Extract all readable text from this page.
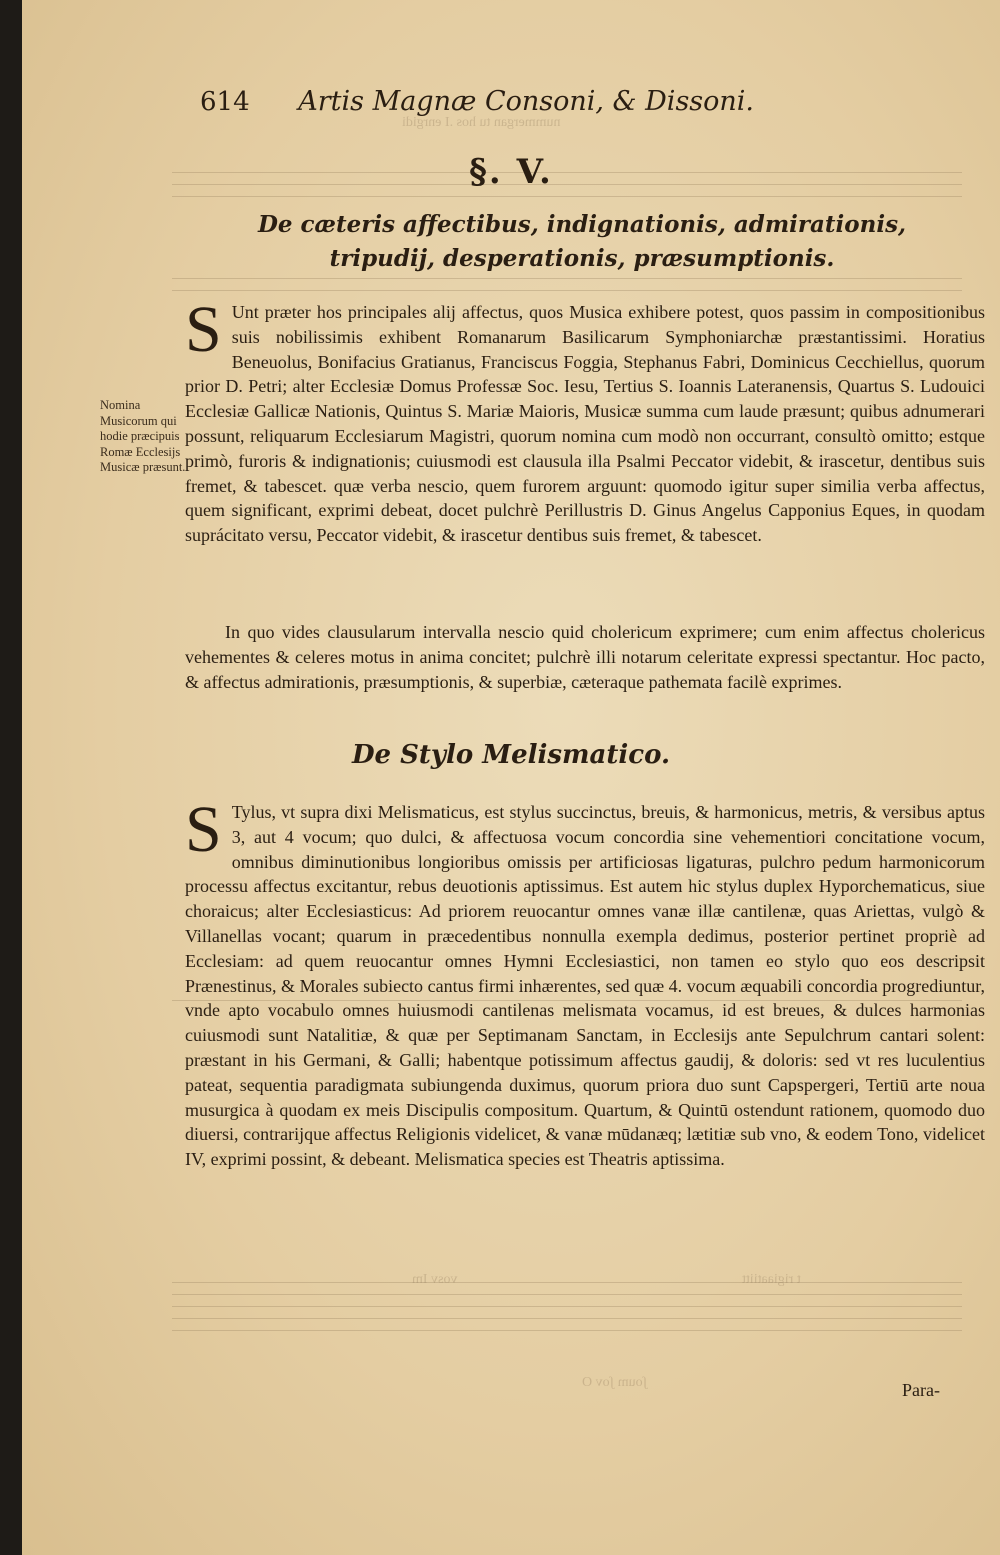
nummergan tu hos .I enrgidi
vosv Im	t rigiaatiitt
ʃoum ʃov O
614 Artis Magnæ Consoni, & Dissoni.
§. V.
De cæteris affectibus, indignationis, admirationis, tripudij, desperationis, præsumptionis.
S Unt præter hos principales alij affectus, quos Musica exhibere potest, quos passim in compositionibus suis nobilissimis exhibent Romanarum Basilicarum Symphoniarchæ præstantissimi. Horatius Beneuolus, Bonifacius Gratianus, Franciscus Foggia, Stephanus Fabri, Dominicus Cecchiellus, quorum prior D. Petri; alter Ecclesiæ Domus Professæ Soc. Iesu, Tertius S. Ioannis Lateranensis, Quartus S. Ludouici Ecclesiæ Gallicæ Nationis, Quintus S. Mariæ Maioris, Musicæ summa cum laude præsunt; quibus adnumerari possunt, reliquarum Ecclesiarum Magistri, quorum nomina cum modò non occurrant, consultò omitto; estque primò, furoris & indignationis; cuiusmodi est clausula illa Psalmi Peccator videbit, & irascetur, dentibus suis fremet, & tabescet. quæ verba nescio, quem furorem arguunt: quomodo igitur super similia verba affectus, quem significant, exprimi debeat, docet pulchrè Perillustris D. Ginus Angelus Capponius Eques, in quodam suprácitato versu, Peccator videbit, & irascetur dentibus suis fremet, & tabescet.
Nomina Musicorum qui hodie præcipuis Romæ Ecclesijs Musicæ præsunt.
In quo vides clausularum intervalla nescio quid cholericum exprimere; cum enim affectus cholericus vehementes & celeres motus in anima concitet; pulchrè illi notarum celeritate expressi spectantur. Hoc pacto, & affectus admirationis, præsumptionis, & superbiæ, cæteraque pathemata facilè exprimes.
De Stylo Melismatico.
S Tylus, vt supra dixi Melismaticus, est stylus succinctus, breuis, & harmonicus, metris, & versibus aptus 3, aut 4 vocum; quo dulci, & affectuosa vocum concordia sine vehementiori concitatione vocum, omnibus diminutionibus longioribus omissis per artificiosas ligaturas, pulchro pedum harmonicorum processu affectus excitantur, rebus deuotionis aptissimus. Est autem hic stylus duplex Hyporchematicus, siue choraicus; alter Ecclesiasticus: Ad priorem reuocantur omnes vanæ illæ cantilenæ, quas Ariettas, vulgò & Villanellas vocant; quarum in præcedentibus nonnulla exempla dedimus, posterior pertinet propriè ad Ecclesiam: ad quem reuocantur omnes Hymni Ecclesiastici, non tamen eo stylo quo eos descripsit Prænestinus, & Morales subiecto cantus firmi inhærentes, sed quæ 4. vocum æquabili concordia progrediuntur, vnde apto vocabulo omnes huiusmodi cantilenas melismata vocamus, id est breues, & dulces harmonias cuiusmodi sunt Natalitiæ, & quæ per Septimanam Sanctam, in Ecclesijs ante Sepulchrum cantari solent: præstant in his Germani, & Galli; habentque potissimum affectus gaudij, & doloris: sed vt res luculentius pateat, sequentia paradigmata subiungenda duximus, quorum priora duo sunt Capspergeri, Tertiū arte noua musurgica à quodam ex meis Discipulis compositum. Quartum, & Quintū ostendunt rationem, quomodo duo diuersi, contrarijque affectus Religionis videlicet, & vanæ mūdanæq; lætitiæ sub vno, & eodem Tono, videlicet IV, exprimi possint, & debeant. Melismatica species est Theatris aptissima.
Para-
